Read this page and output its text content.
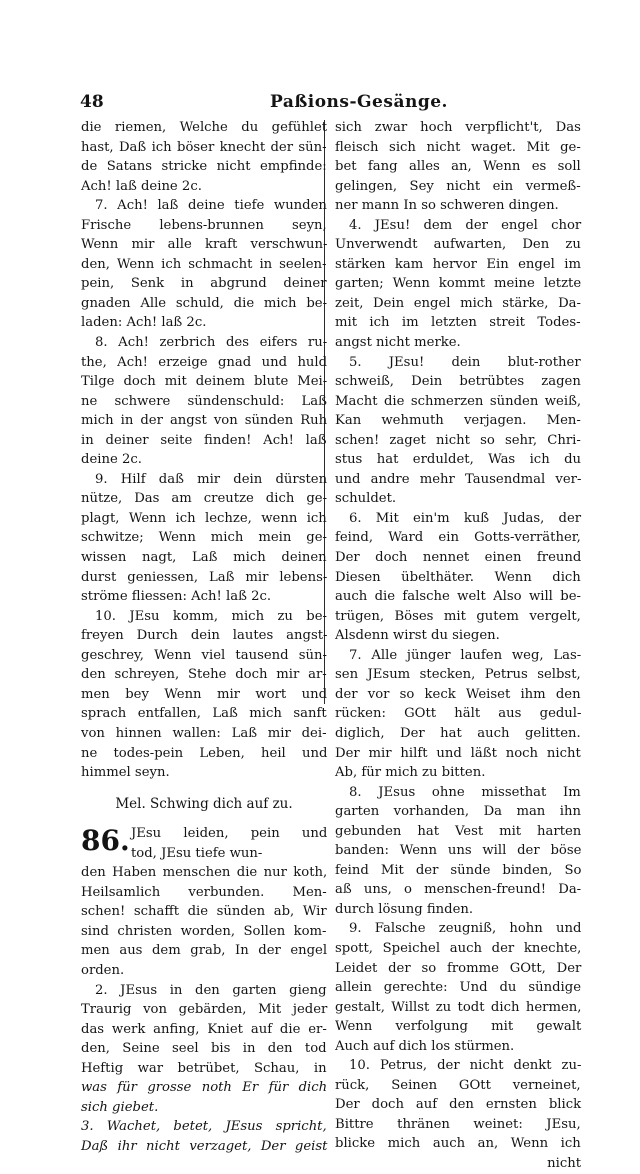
48	Paßions-Gesänge.
die riemen, Welche du gefühlet
hast, Daß ich böser knecht der sün-
de Satans stricke nicht empfinde:
Ach! laß deine 2c.
7. Ach! laß deine tiefe wunden
Frische lebens-brunnen seyn,
Wenn mir alle kraft verschwun-
den, Wenn ich schmacht in seelen-
pein, Senk in abgrund deiner
gnaden Alle schuld, die mich be-
laden: Ach! laß 2c.
8. Ach! zerbrich des eifers ru-
the, Ach! erzeige gnad und huld
Tilge doch mit deinem blute Mei-
ne schwere sündenschuld: Laß
mich in der angst von sünden Ruh
in deiner seite finden! Ach! laß
deine 2c.
9. Hilf daß mir dein dürsten
nütze, Das am creutze dich ge-
plagt, Wenn ich lechze, wenn ich
schwitze; Wenn mich mein ge-
wissen nagt, Laß mich deinen
durst geniessen, Laß mir lebens-
ströme fliessen: Ach! laß 2c.
10. JEsu komm, mich zu be-
freyen Durch dein lautes angst-
geschrey, Wenn viel tausend sün-
den schreyen, Stehe doch mir ar-
men bey Wenn mir wort und
sprach entfallen, Laß mich sanft
von hinnen wallen: Laß mir dei-
ne todes-pein Leben, heil und
himmel seyn.
Mel. Schwing dich auf zu.
86. JEsu leiden, pein und
tod, JEsu tiefe wun-
den Haben menschen die nur koth,
Heilsamlich verbunden. Men-
schen! schafft die sünden ab, Wir
sind christen worden, Sollen kom-
men aus dem grab, In der engel
orden.
2. JEsus in den garten gieng
Traurig von gebärden, Mit jeder
das werk anfing, Kniet auf die er-
den, Seine seel bis in den tod
Heftig war betrübet, Schau, in
was für grosse noth Er für dich
sich giebet.
3. Wachet, betet, JEsus spricht,
Daß ihr nicht verzaget, Der geist
sich zwar hoch verpflicht't, Das
fleisch sich nicht waget. Mit ge-
bet fang alles an, Wenn es soll
gelingen, Sey nicht ein vermeß-
ner mann In so schweren dingen.
4. JEsu! dem der engel chor
Unverwendt aufwarten, Den zu
stärken kam hervor Ein engel im
garten; Wenn kommt meine letzte
zeit, Dein engel mich stärke, Da-
mit ich im letzten streit Todes-
angst nicht merke.
5. JEsu! dein blut-rother
schweiß, Dein betrübtes zagen
Macht die schmerzen sünden weiß,
Kan wehmuth verjagen. Men-
schen! zaget nicht so sehr, Chri-
stus hat erduldet, Was ich du
und andre mehr Tausendmal ver-
schuldet.
6. Mit ein'm kuß Judas, der
feind, Ward ein Gotts-verräther,
Der doch nennet einen freund
Diesen übelthäter. Wenn dich
auch die falsche welt Also will be-
trügen, Böses mit gutem vergelt,
Alsdenn wirst du siegen.
7. Alle jünger laufen weg, Las-
sen JEsum stecken, Petrus selbst,
der vor so keck Weiset ihm den
rücken: GOtt hält aus gedul-
diglich, Der hat auch gelitten.
Der mir hilft und läßt noch nicht
Ab, für mich zu bitten.
8. JEsus ohne missethat Im
garten vorhanden, Da man ihn
gebunden hat Vest mit harten
banden: Wenn uns will der böse
feind Mit der sünde binden, So
aß uns, o menschen-freund! Da-
durch lösung finden.
9. Falsche zeugniß, hohn und
spott, Speichel auch der knechte,
Leidet der so fromme GOtt, Der
allein gerechte: Und du sündige
gestalt, Willst zu todt dich hermen,
Wenn verfolgung mit gewalt
Auch auf dich los stürmen.
10. Petrus, der nicht denkt zu-
rück, Seinen GOtt verneinet,
Der doch auf den ernsten blick
Bittre thränen weinet: JEsu,
blicke mich auch an, Wenn ich
nicht
